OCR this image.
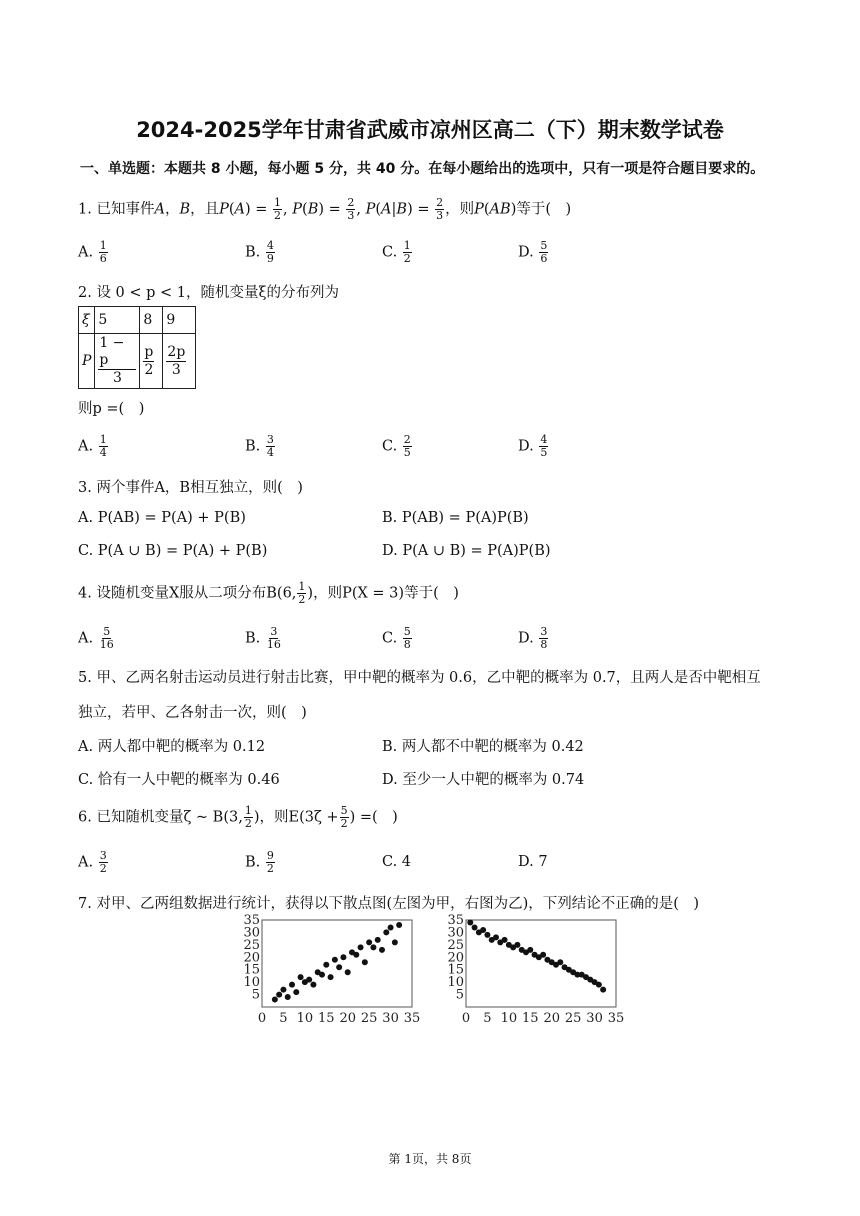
2024-2025学年甘肃省武威市凉州区高二（下）期末数学试卷
一、单选题：本题共 8 小题，每小题 5 分，共 40 分。在每小题给出的选项中，只有一项是符合题目要求的。
1. 已知事件A，B，且$P(A) = \frac{1}{2}$ , $P(B) = \frac{2}{3}$ , $P(A|B) = \frac{2}{3}$ ，则P(AB)等于(　)
A. $\frac{1}{6}$	B. $\frac{4}{9}$	C. $\frac{1}{2}$	D. $\frac{5}{6}$
2. 设 0 < p < 1，随机变量ξ的分布列为
ξ	5	8	9
P	$\frac{1 - p}{3}$	$\frac{p}{2}$	$\frac{2p}{3}$
则p =(　)
A. $\frac{1}{4}$	B. $\frac{3}{4}$	C. $\frac{2}{5}$	D. $\frac{4}{5}$
3. 两个事件A，B相互独立，则(　)
A. P(AB) = P(A) + P(B)	B. P(AB) = P(A)P(B)
C. P(A ∪ B) = P(A) + P(B)	D. P(A ∪ B) = P(A)P(B)
4. 设随机变量X服从二项分布B(6, $\frac{1}{2}$ )，则P(X = 3)等于(　)
A. $\frac{5}{16}$	B. $\frac{3}{16}$	C. $\frac{5}{8}$	D. $\frac{3}{8}$
5. 甲、乙两名射击运动员进行射击比赛，甲中靶的概率为 0.6，乙中靶的概率为 0.7，且两人是否中靶相互
独立，若甲、乙各射击一次，则(　)
A. 两人都中靶的概率为 0.12	B. 两人都不中靶的概率为 0.42
C. 恰有一人中靶的概率为 0.46	D. 至少一人中靶的概率为 0.74
6. 已知随机变量ζ ~ B(3, $\frac{1}{2}$ )，则$E(3\zeta + \frac{5}{2}$ ) =(　)
A. $\frac{3}{2}$	B. $\frac{9}{2}$	C. 4	D. 7
7. 对甲、乙两组数据进行统计，获得以下散点图(左图为甲，右图为乙)，下列结论不正确的是(　)
0 5 10 15 20 25 30 35
5
10
15
20
25
30
35
0 5 10 15 20 25 30 35
5
10
15
20
25
30
35
第 1页，共 8页
